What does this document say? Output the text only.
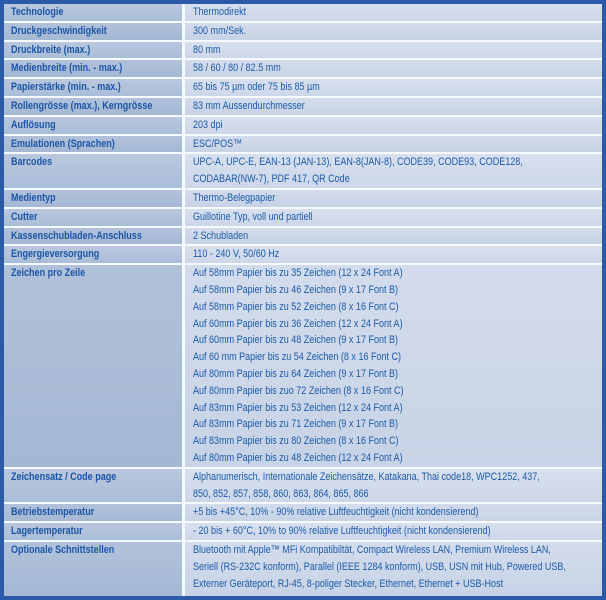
Technologie	Thermodirekt
Druckgeschwindigkeit	300 mm/Sek.
Druckbreite (max.)	80 mm
Medienbreite (min. - max.)	58 / 60 / 80 / 82.5 mm
Papierstärke (min. - max.)	65 bis 75 µm oder 75 bis 85 µm
Rollengrösse (max.), Kerngrösse	83 mm Aussendurchmesser
Auflösung	203 dpi
Emulationen (Sprachen)	ESC/POS™
Barcodes	UPC-A, UPC-E, EAN-13 (JAN-13), EAN-8(JAN-8), CODE39, CODE93, CODE128,
CODABAR(NW-7), PDF 417, QR Code
Medientyp	Thermo-Belegpapier
Cutter	Guillotine Typ, voll und partiell
Kassenschubladen-Anschluss	2 Schubladen
Engergieversorgung	110 - 240 V, 50/60 Hz
Zeichen pro Zeile	Auf 58mm Papier bis zu 35 Zeichen (12 x 24 Font A)
Auf 58mm Papier bis zu 46 Zeichen (9 x 17 Font B)
Auf 58mm Papier bis zu 52 Zeichen (8 x 16 Font C)
Auf 60mm Papier bis zu 36 Zeichen (12 x 24 Font A)
Auf 60mm Papier bis zu 48 Zeichen (9 x 17 Font B)
Auf 60 mm Papier bis zu 54 Zeichen (8 x 16 Font C)
Auf 80mm Papier bis zu 64 Zeichen (9 x 17 Font B)
Auf 80mm Papier bis zuo 72 Zeichen (8 x 16 Font C)
Auf 83mm Papier bis zu 53 Zeichen (12 x 24 Font A)
Auf 83mm Papier bis zu 71 Zeichen (9 x 17 Font B)
Auf 83mm Papier bis zu 80 Zeichen (8 x 16 Font C)
Auf 80mm Papier bis zu 48 Zeichen (12 x 24 Font A)
Zeichensatz / Code page	Alphanumerisch, Internationale Zeichensätze, Katakana, Thai code18, WPC1252, 437,
850, 852, 857, 858, 860, 863, 864, 865, 866
Betriebstemperatur	+5 bis +45°C, 10% - 90% relative Luftfeuchtigkeit (nicht kondensierend)
Lagertemperatur	- 20 bis + 60°C, 10% to 90% relative Luftfeuchtigkeit (nicht kondensierend)
Optionale Schnittstellen	Bluetooth mit Apple™ MFi Kompatibiltät, Compact Wireless LAN, Premium Wireless LAN,
Seriell (RS-232C konform), Parallel (IEEE 1284 konform), USB, USN mit Hub, Powered USB,
Externer Geräteport, RJ-45, 8-poliger Stecker, Ethernet, Ethernet + USB-Host
